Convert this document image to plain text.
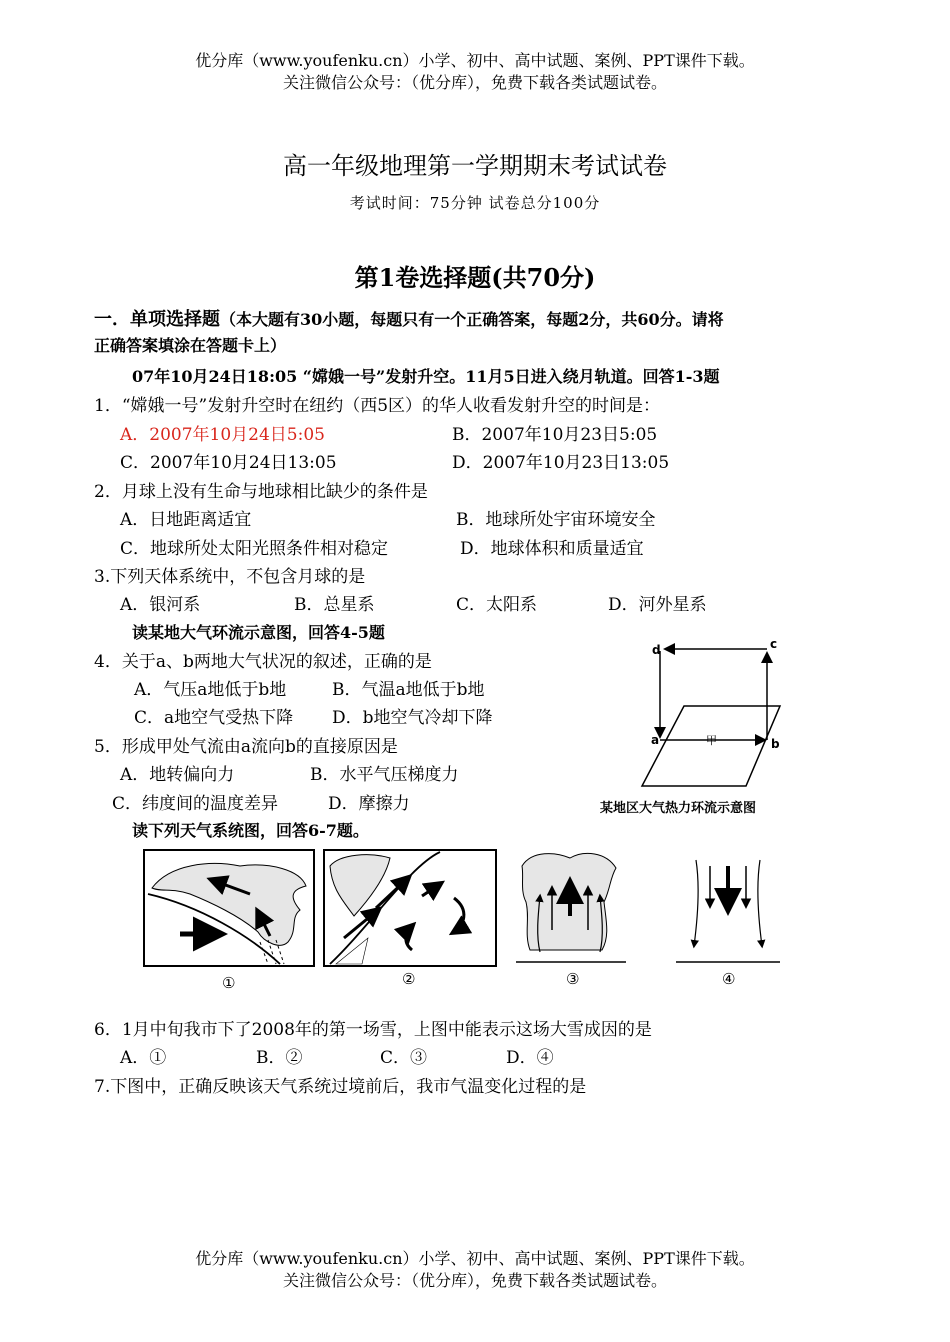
优分库（www.youfenku.cn）小学、初中、高中试题、案例、PPT课件下载。
关注微信公众号：（优分库），免费下载各类试题试卷。
高一年级地理第一学期期末考试试卷
考试时间：75分钟 试卷总分100分
第1卷选择题(共70分)
一．单项选择题（本大题有30小题，每题只有一个正确答案，每题2分，共60分。请将
正确答案填涂在答题卡上）
07年10月24日18:05 “嫦娥一号”发射升空。11月5日进入绕月轨道。回答1-3题
1．“嫦娥一号”发射升空时在纽约（西5区）的华人收看发射升空的时间是：
A．2007年10月24日5:05	B．2007年10月23日5:05
C．2007年10月24日13:05	D．2007年10月23日13:05
2．月球上没有生命与地球相比缺少的条件是
A．日地距离适宜	B．地球所处宇宙环境安全
C．地球所处太阳光照条件相对稳定	D．地球体积和质量适宜
3.下列天体系统中，不包含月球的是
A．银河系	B．总星系	C．太阳系	D．河外星系
读某地大气环流示意图，回答4-5题
4．关于a、b两地大气状况的叙述，正确的是
A．气压a地低于b地	B．气温a地低于b地
C．a地空气受热下降 D．b地空气冷却下降
5．形成甲处气流由a流向b的直接原因是
A．地转偏向力	B．水平气压梯度力
C．纬度间的温度差异	D．摩擦力
d	c
a	b
甲
某地区大气热力环流示意图
读下列天气系统图，回答6-7题。
①	②	③	④
6．1月中旬我市下了2008年的第一场雪，上图中能表示这场大雪成因的是
A．①	B．②	C．③	D．④
7.下图中，正确反映该天气系统过境前后，我市气温变化过程的是
优分库（www.youfenku.cn）小学、初中、高中试题、案例、PPT课件下载。
关注微信公众号：（优分库），免费下载各类试题试卷。
